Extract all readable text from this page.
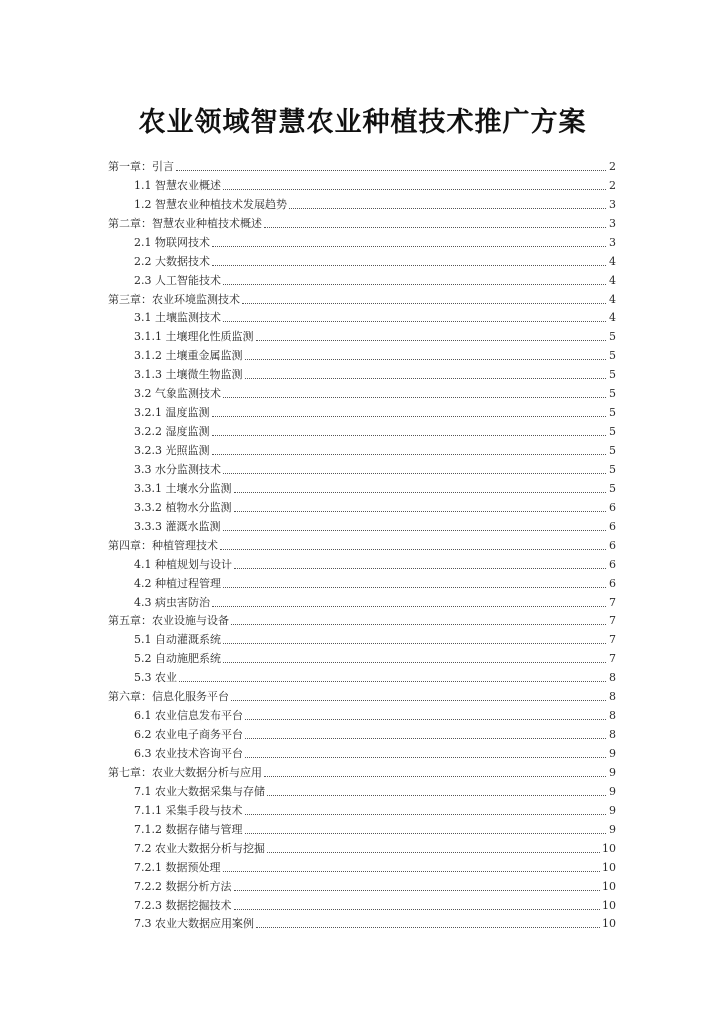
农业领域智慧农业种植技术推广方案
第一章：引言	2
1.1 智慧农业概述	2
1.2 智慧农业种植技术发展趋势	3
第二章：智慧农业种植技术概述	3
2.1 物联网技术	3
2.2 大数据技术	4
2.3 人工智能技术	4
第三章：农业环境监测技术	4
3.1 土壤监测技术	4
3.1.1 土壤理化性质监测	5
3.1.2 土壤重金属监测	5
3.1.3 土壤微生物监测	5
3.2 气象监测技术	5
3.2.1 温度监测	5
3.2.2 湿度监测	5
3.2.3 光照监测	5
3.3 水分监测技术	5
3.3.1 土壤水分监测	5
3.3.2 植物水分监测	6
3.3.3 灌溉水监测	6
第四章：种植管理技术	6
4.1 种植规划与设计	6
4.2 种植过程管理	6
4.3 病虫害防治	7
第五章：农业设施与设备	7
5.1 自动灌溉系统	7
5.2 自动施肥系统	7
5.3 农业	8
第六章：信息化服务平台	8
6.1 农业信息发布平台	8
6.2 农业电子商务平台	8
6.3 农业技术咨询平台	9
第七章：农业大数据分析与应用	9
7.1 农业大数据采集与存储	9
7.1.1 采集手段与技术	9
7.1.2 数据存储与管理	9
7.2 农业大数据分析与挖掘	10
7.2.1 数据预处理	10
7.2.2 数据分析方法	10
7.2.3 数据挖掘技术	10
7.3 农业大数据应用案例	10
